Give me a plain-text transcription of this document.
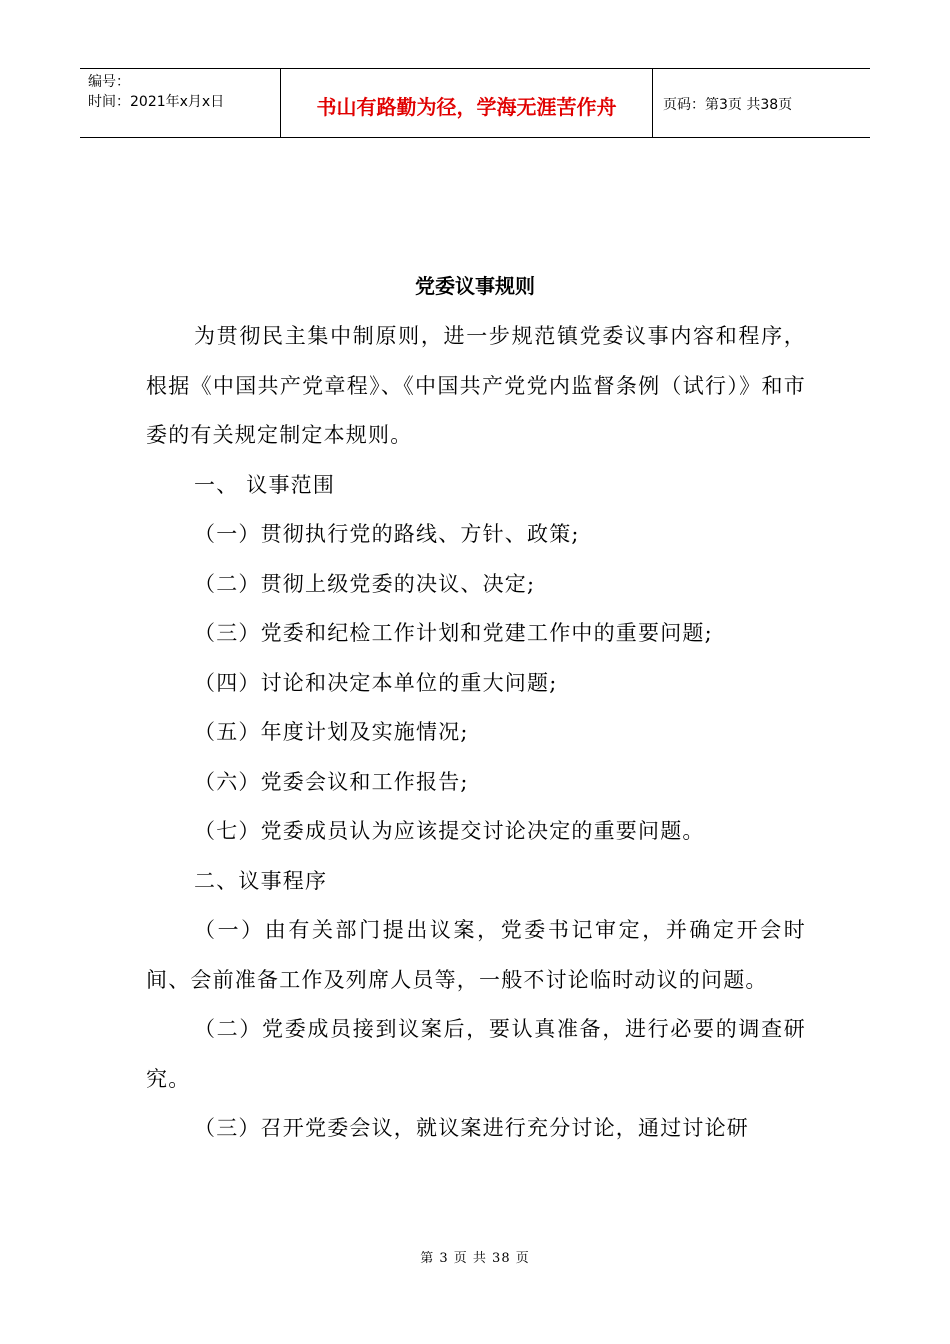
编号：
时间：2021年x月x日	书山有路勤为径，学海无涯苦作舟	页码：第3页 共38页
党委议事规则

为贯彻民主集中制原则，进一步规范镇党委议事内容和程序，根据《中国共产党章程》、《中国共产党党内监督条例（试行）》和市委的有关规定制定本规则。

一、 议事范围

（一）贯彻执行党的路线、方针、政策;

（二）贯彻上级党委的决议、决定;

（三）党委和纪检工作计划和党建工作中的重要问题;

（四）讨论和决定本单位的重大问题;

（五）年度计划及实施情况;

（六）党委会议和工作报告;

（七）党委成员认为应该提交讨论决定的重要问题。

二、议事程序

（一）由有关部门提出议案，党委书记审定，并确定开会时间、会前准备工作及列席人员等，一般不讨论临时动议的问题。

（二）党委成员接到议案后，要认真准备，进行必要的调查研究。

（三）召开党委会议，就议案进行充分讨论，通过讨论研

第 3 页 共 38 页
